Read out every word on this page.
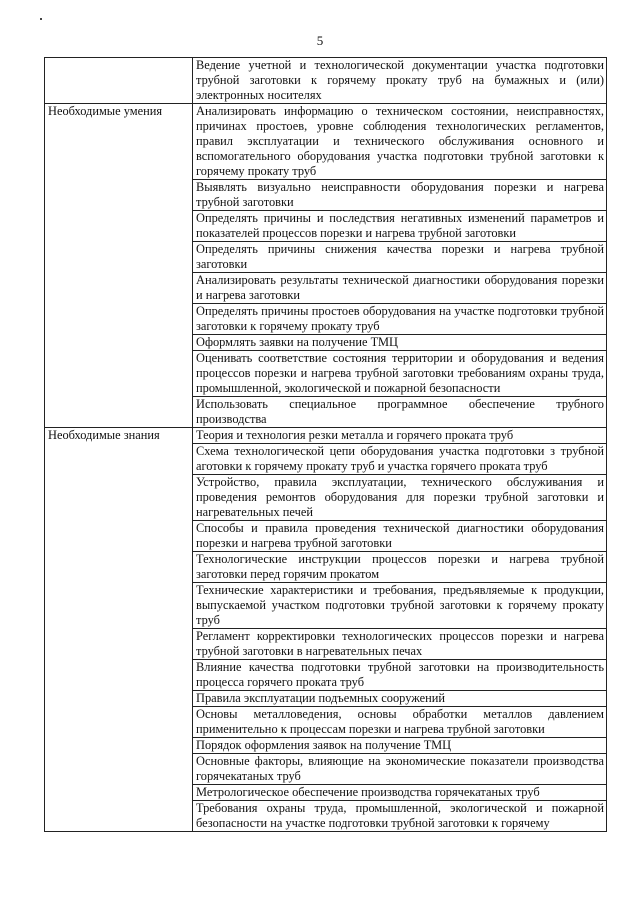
5
	Ведение учетной и технологической документации участка подготовки трубной заготовки к горячему прокату труб на бумажных и (или) электронных носителях
Необходимые умения	Анализировать информацию о техническом состоянии, неисправностях, причинах простоев, уровне соблюдения технологических регламентов, правил эксплуатации и технического обслуживания основного и вспомогательного оборудования участка подготовки трубной заготовки к горячему прокату труб
	Выявлять визуально неисправности оборудования порезки и нагрева трубной заготовки
	Определять причины и последствия негативных изменений параметров и показателей процессов порезки и нагрева трубной заготовки
	Определять причины снижения качества порезки и нагрева трубной заготовки
	Анализировать результаты технической диагностики оборудования порезки и нагрева заготовки
	Определять причины простоев оборудования на участке подготовки трубной заготовки к горячему прокату труб
	Оформлять заявки на получение ТМЦ
	Оценивать соответствие состояния территории и оборудования и ведения процессов порезки и нагрева трубной заготовки требованиям охраны труда, промышленной, экологической и пожарной безопасности
	Использовать специальное программное обеспечение трубного производства
Необходимые знания	Теория и технология резки металла и горячего проката труб
	Схема технологической цепи оборудования участка подготовки з трубной аготовки к горячему прокату труб и участка горячего проката труб
	Устройство, правила эксплуатации, технического обслуживания и проведения ремонтов оборудования для порезки трубной заготовки и нагревательных печей
	Способы и правила проведения технической диагностики оборудования порезки и нагрева трубной заготовки
	Технологические инструкции процессов порезки и нагрева трубной заготовки перед горячим прокатом
	Технические характеристики и требования, предъявляемые к продукции, выпускаемой участком подготовки трубной заготовки к горячему прокату труб
	Регламент корректировки технологических процессов порезки и нагрева трубной заготовки в нагревательных печах
	Влияние качества подготовки трубной заготовки на производительность процесса горячего проката труб
	Правила эксплуатации подъемных сооружений
	Основы металловедения, основы обработки металлов давлением применительно к процессам порезки и нагрева трубной заготовки
	Порядок оформления заявок на получение ТМЦ
	Основные факторы, влияющие на экономические показатели производства горячекатаных труб
	Метрологическое обеспечение производства горячекатаных труб
	Требования охраны труда, промышленной, экологической и пожарной безопасности на участке подготовки трубной заготовки к горячему
